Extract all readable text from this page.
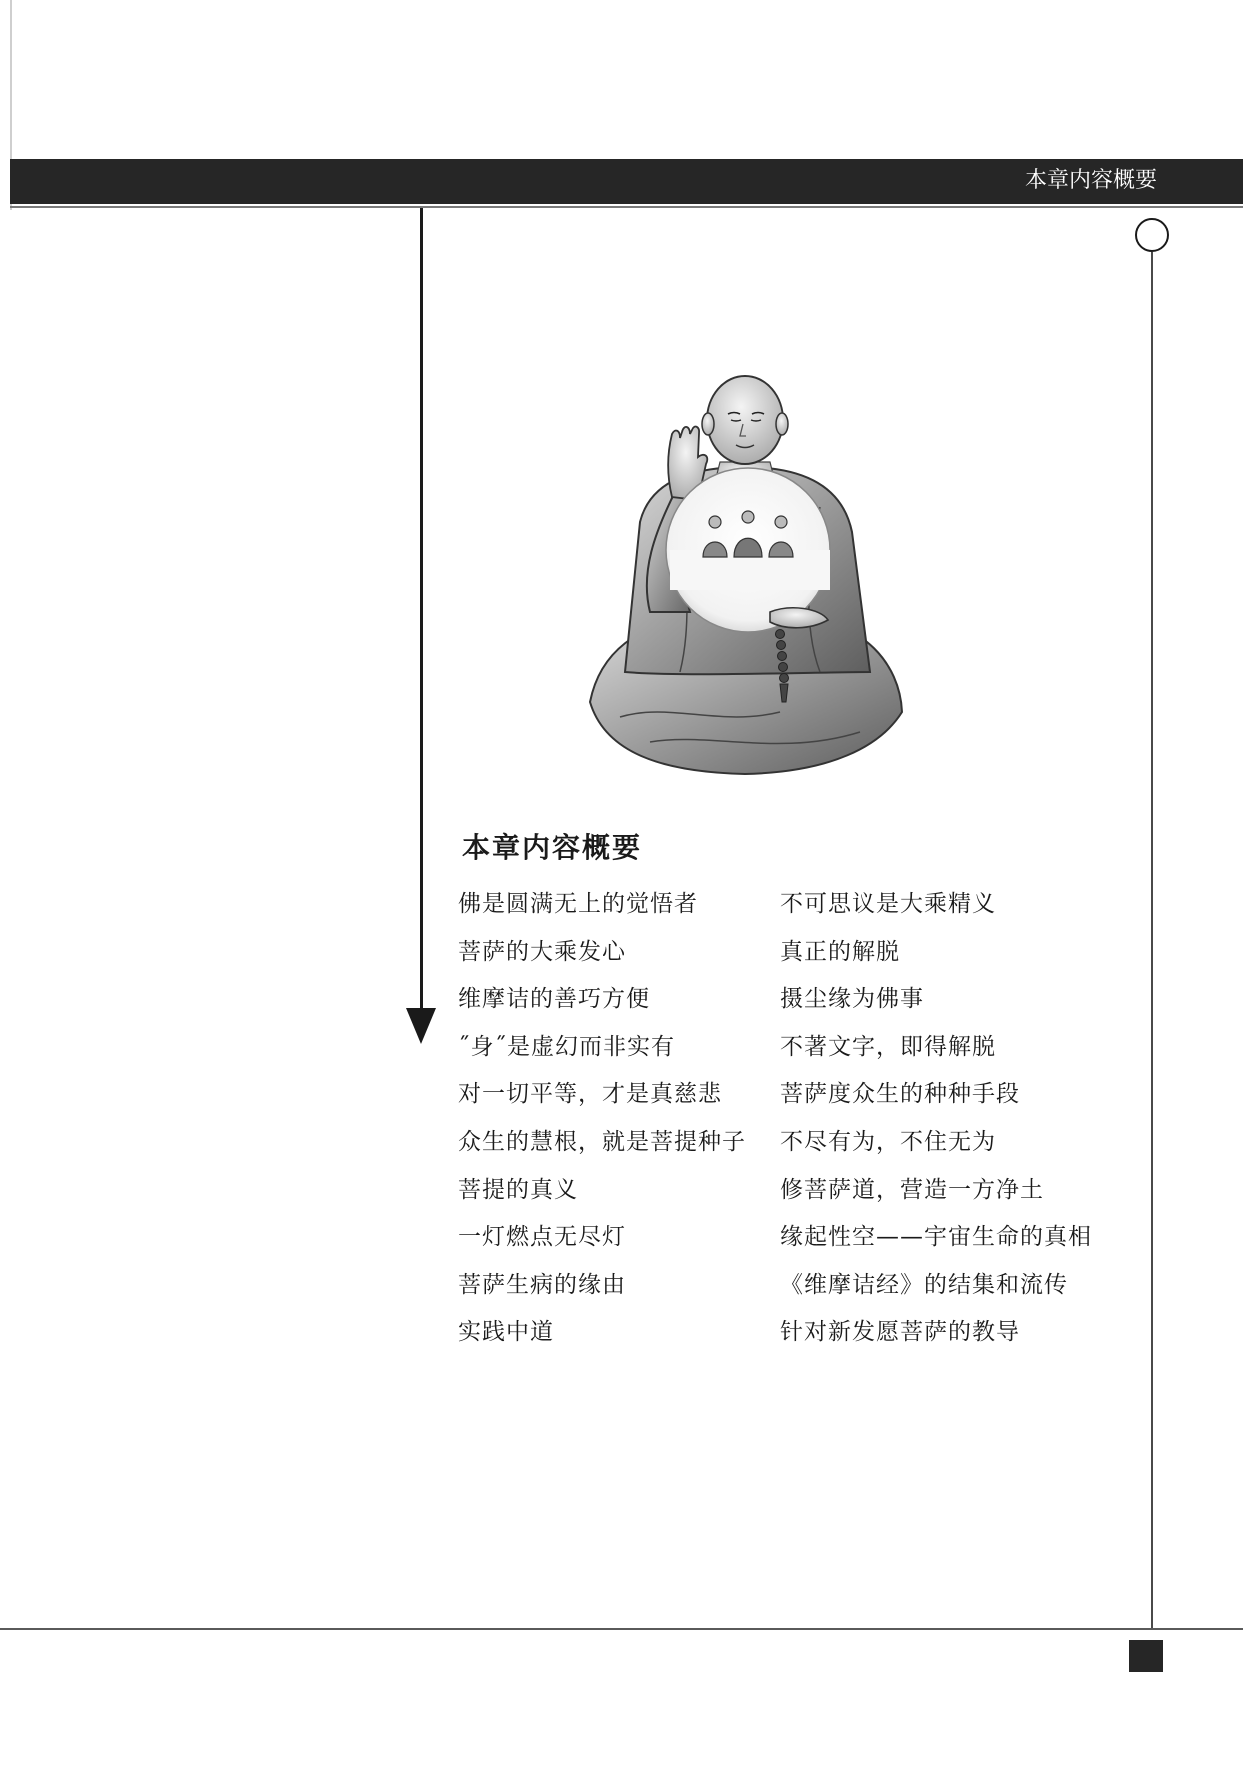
本章内容概要
本章内容概要
佛是圆满无上的觉悟者
菩萨的大乘发心
维摩诘的善巧方便
˝身˝是虚幻而非实有
对一切平等，才是真慈悲
众生的慧根，就是菩提种子
菩提的真义
一灯燃点无尽灯
菩萨生病的缘由
实践中道
不可思议是大乘精义
真正的解脱
摄尘缘为佛事
不著文字，即得解脱
菩萨度众生的种种手段
不尽有为，不住无为
修菩萨道，营造一方净土
缘起性空——宇宙生命的真相
《维摩诘经》的结集和流传
针对新发愿菩萨的教导
